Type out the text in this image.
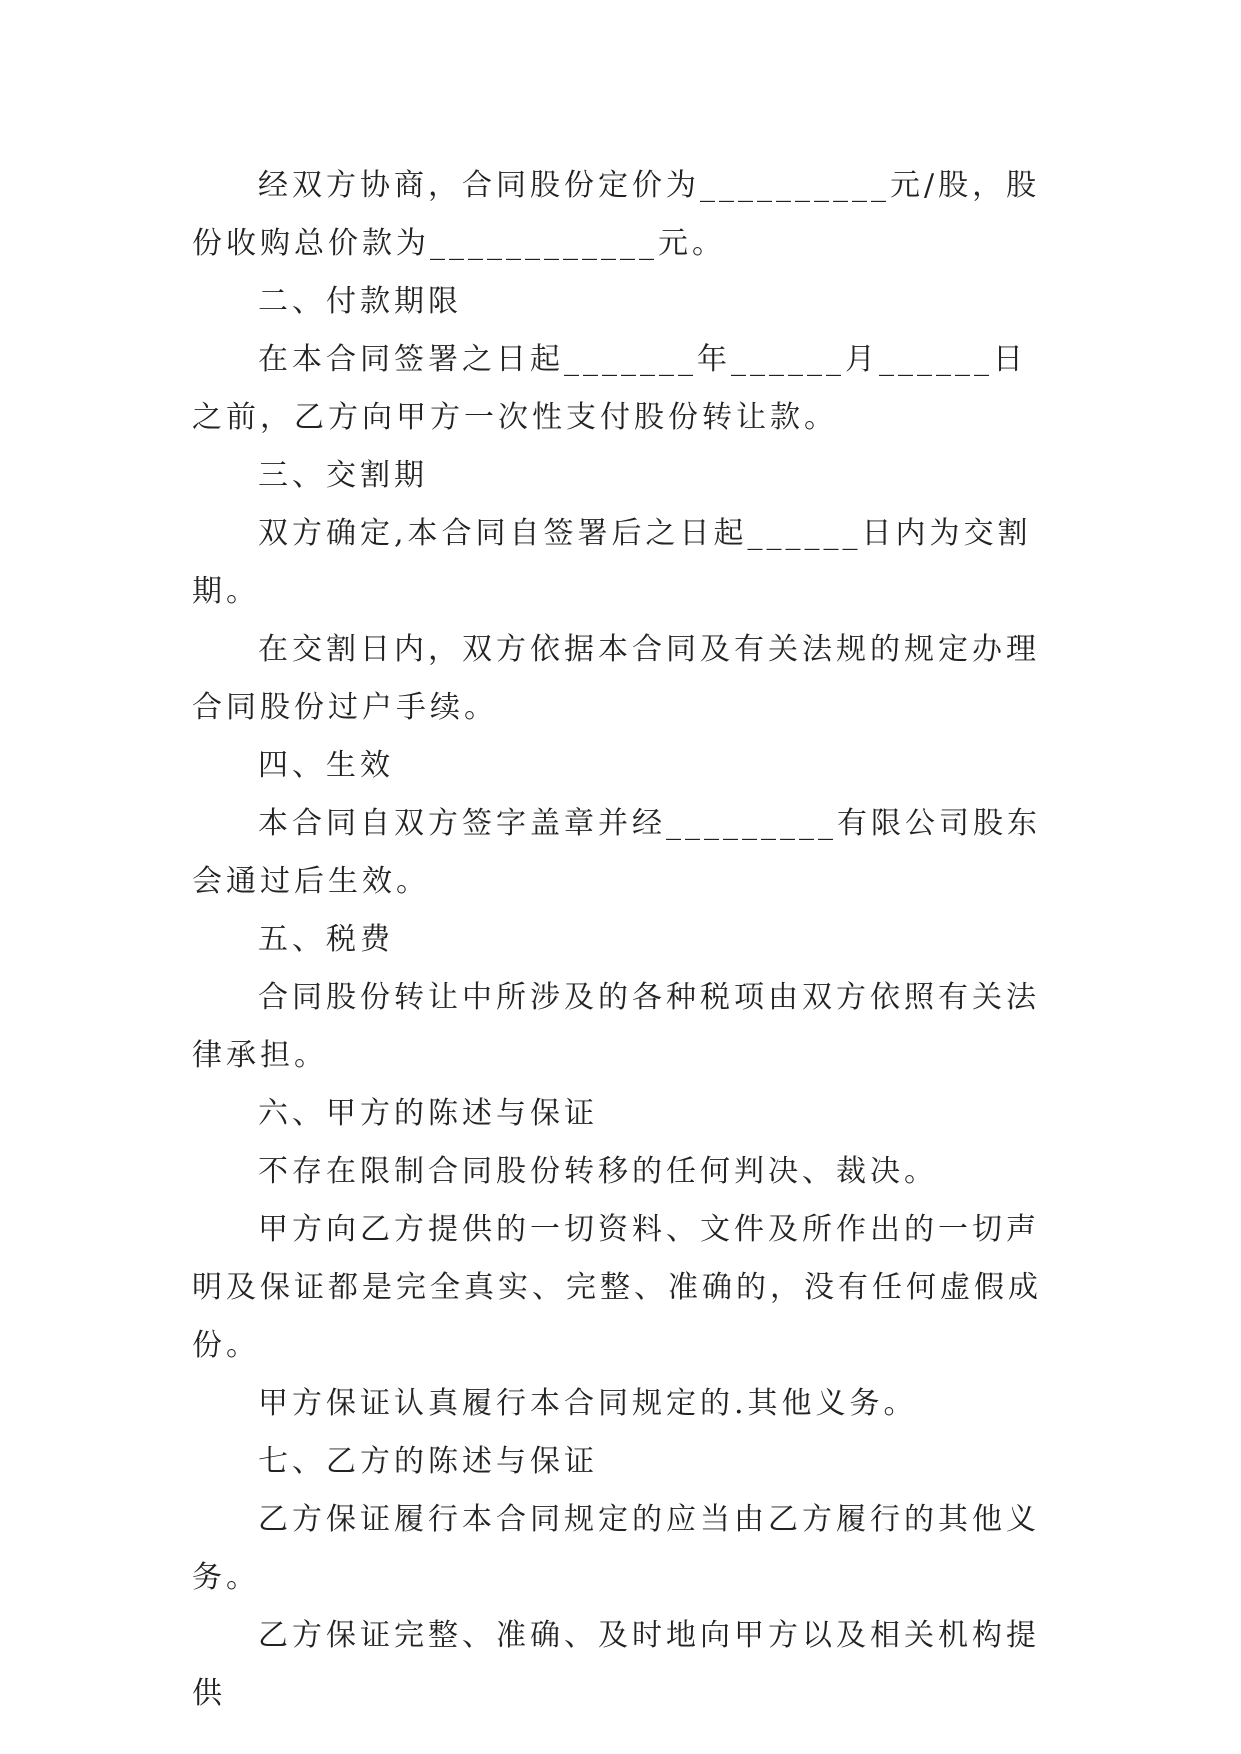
经双方协商，合同股份定价为__________元/股，股份收购总价款为____________元。

二、付款期限

在本合同签署之日起_______年______月______日之前，乙方向甲方一次性支付股份转让款。

三、交割期

双方确定,本合同自签署后之日起______日内为交割期。

在交割日内，双方依据本合同及有关法规的规定办理合同股份过户手续。

四、生效

本合同自双方签字盖章并经_________有限公司股东会通过后生效。

五、税费

合同股份转让中所涉及的各种税项由双方依照有关法律承担。

六、甲方的陈述与保证

不存在限制合同股份转移的任何判决、裁决。

甲方向乙方提供的一切资料、文件及所作出的一切声明及保证都是完全真实、完整、准确的，没有任何虚假成份。

甲方保证认真履行本合同规定的.其他义务。

七、乙方的陈述与保证

乙方保证履行本合同规定的应当由乙方履行的其他义务。

乙方保证完整、准确、及时地向甲方以及相关机构提供
